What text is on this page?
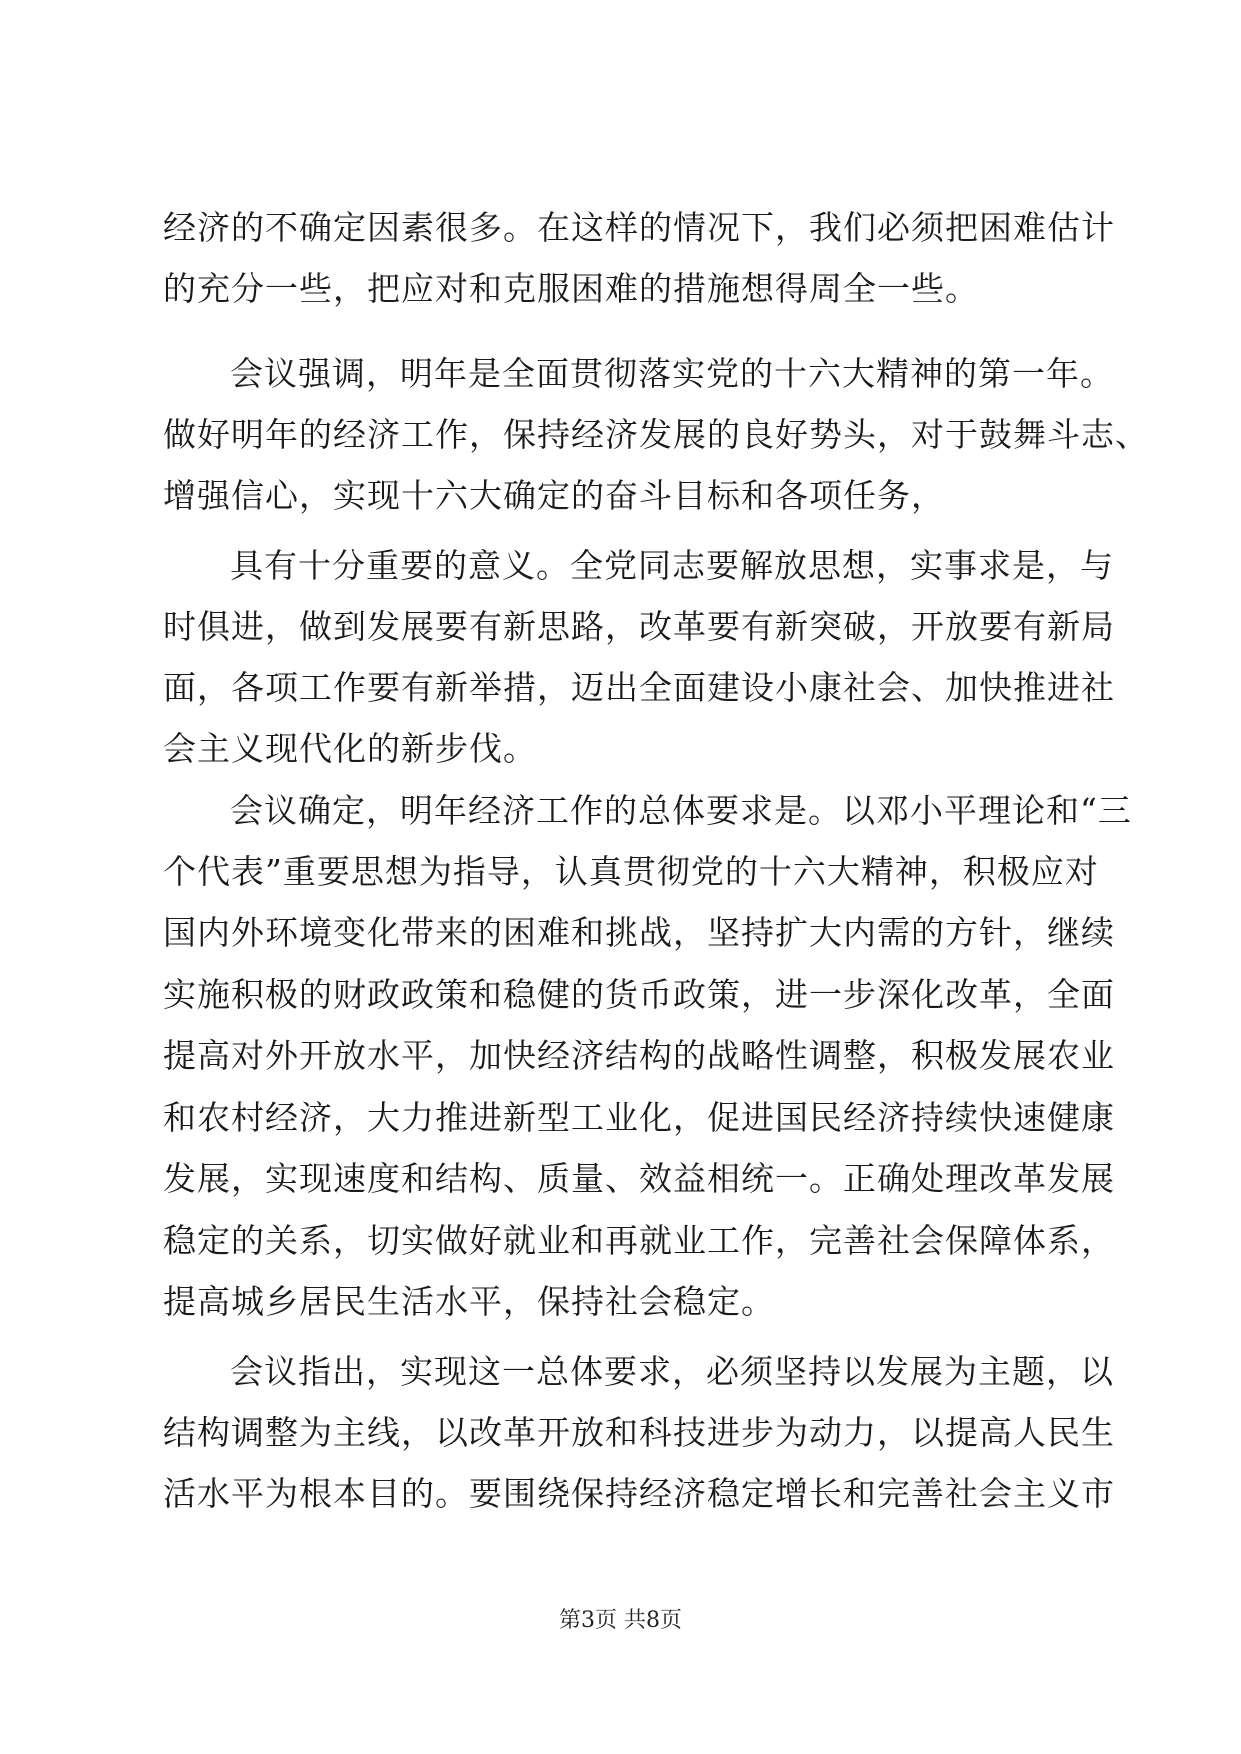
经济的不确定因素很多。在这样的情况下，我们必须把困难估计
的充分一些，把应对和克服困难的措施想得周全一些。
会议强调，明年是全面贯彻落实党的十六大精神的第一年。
做好明年的经济工作，保持经济发展的良好势头，对于鼓舞斗志、
增强信心，实现十六大确定的奋斗目标和各项任务，
具有十分重要的意义。全党同志要解放思想，实事求是，与
时俱进，做到发展要有新思路，改革要有新突破，开放要有新局
面，各项工作要有新举措，迈出全面建设小康社会、加快推进社
会主义现代化的新步伐。
会议确定，明年经济工作的总体要求是。以邓小平理论和“三
个代表”重要思想为指导，认真贯彻党的十六大精神，积极应对
国内外环境变化带来的困难和挑战，坚持扩大内需的方针，继续
实施积极的财政政策和稳健的货币政策，进一步深化改革，全面
提高对外开放水平，加快经济结构的战略性调整，积极发展农业
和农村经济，大力推进新型工业化，促进国民经济持续快速健康
发展，实现速度和结构、质量、效益相统一。正确处理改革发展
稳定的关系，切实做好就业和再就业工作，完善社会保障体系，
提高城乡居民生活水平，保持社会稳定。
会议指出，实现这一总体要求，必须坚持以发展为主题，以
结构调整为主线，以改革开放和科技进步为动力，以提高人民生
活水平为根本目的。要围绕保持经济稳定增长和完善社会主义市
第3页 共8页
